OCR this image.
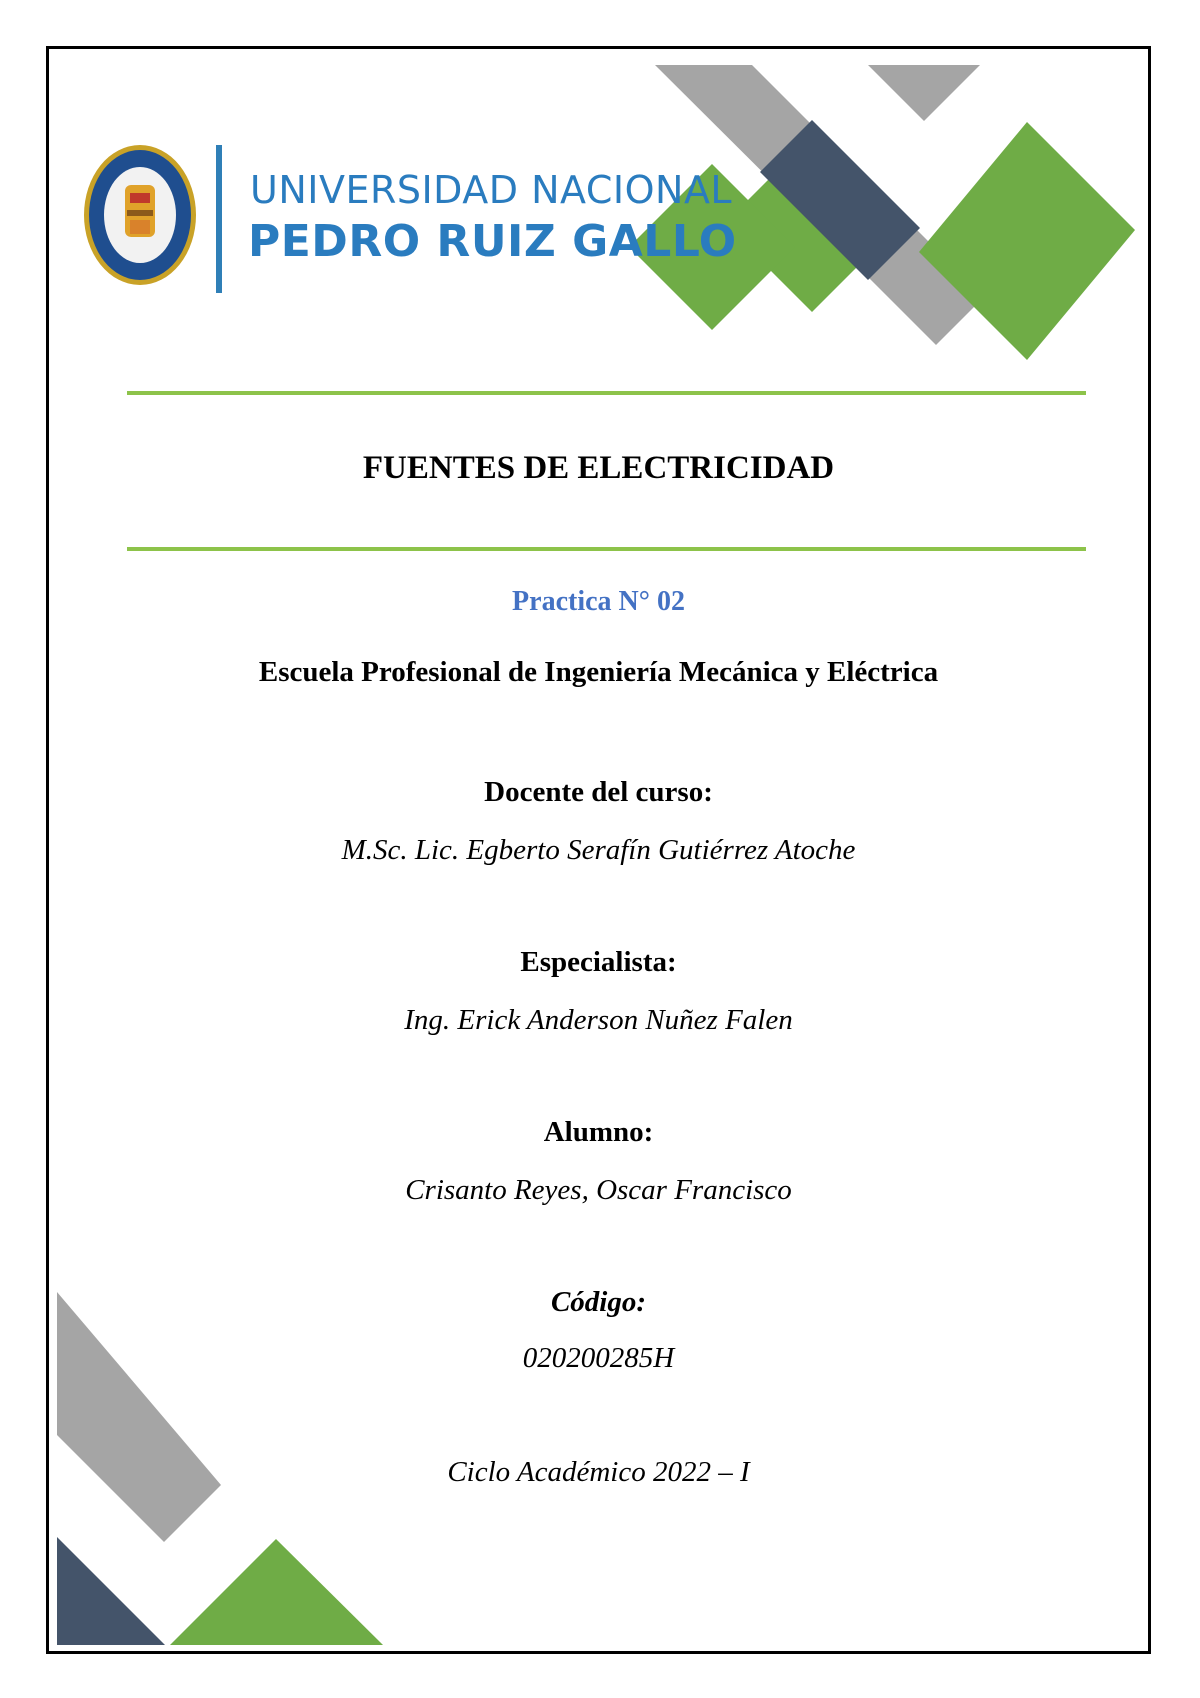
UNIVERSIDAD NACIONAL
PEDRO RUIZ GALLO
FUENTES DE ELECTRICIDAD
Practica N° 02
Escuela Profesional de Ingeniería Mecánica y Eléctrica
Docente del curso:
M.Sc. Lic. Egberto Serafín Gutiérrez Atoche
Especialista:
Ing. Erick Anderson Nuñez Falen
Alumno:
Crisanto Reyes, Oscar Francisco
Código:
020200285H
Ciclo Académico 2022 – I
